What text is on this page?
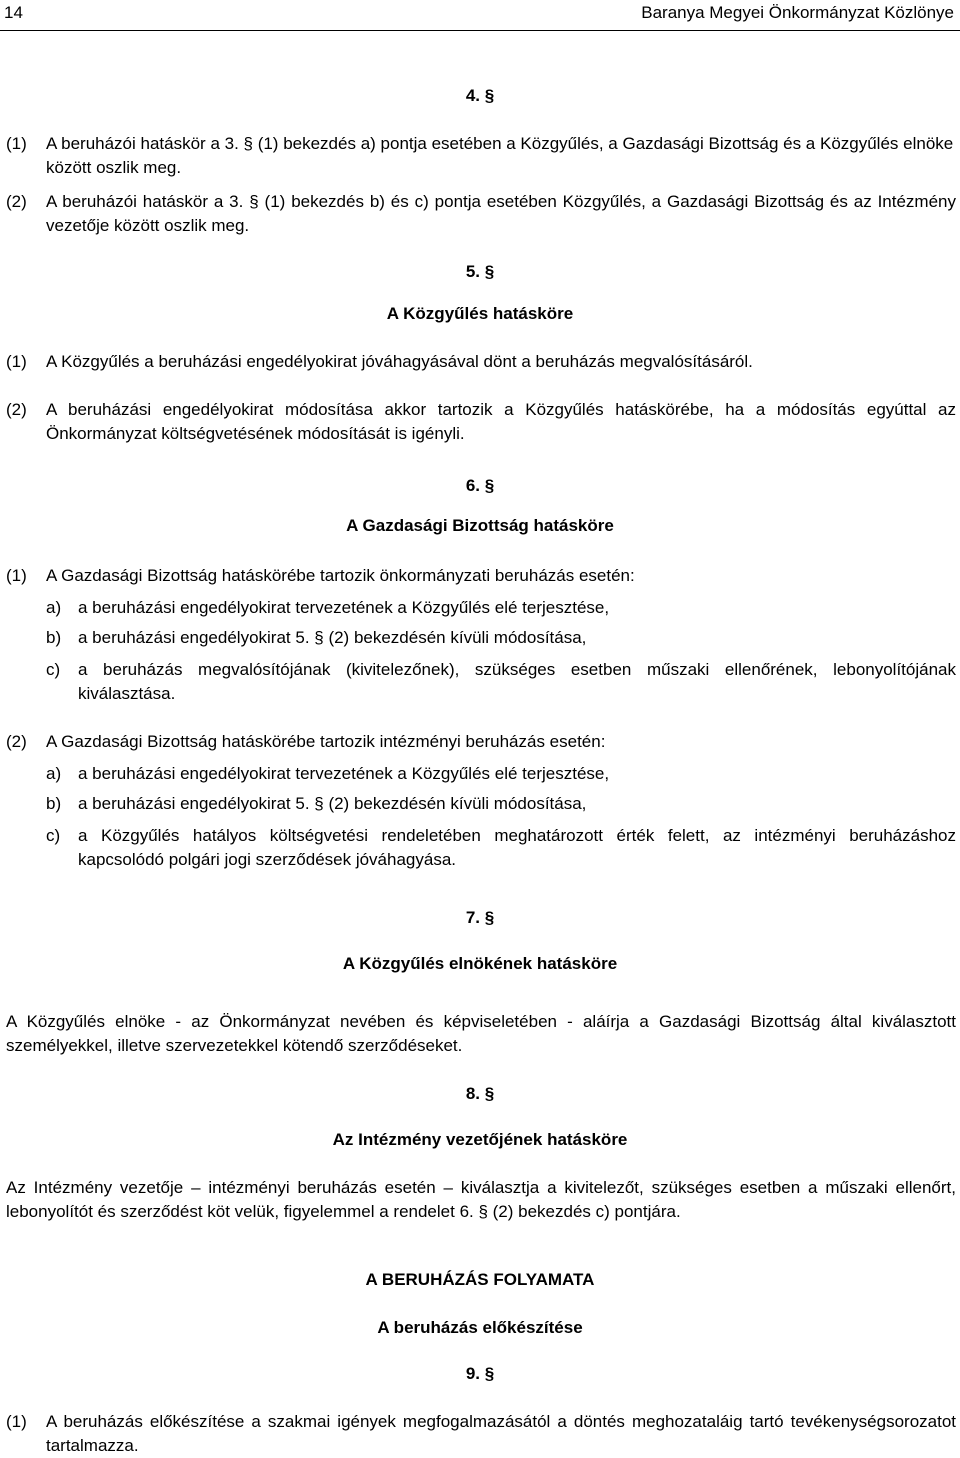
14	Baranya Megyei Önkormányzat Közlönye
4. §
(1) A beruházói hatáskör a 3. § (1) bekezdés a) pontja esetében a Közgyűlés, a Gazdasági Bizottság és a Közgyűlés elnöke között oszlik meg.
(2) A beruházói hatáskör a 3. § (1) bekezdés b) és c) pontja esetében Közgyűlés, a Gazdasági Bizottság és az Intézmény vezetője között oszlik meg.
5. §
A Közgyűlés hatásköre
(1) A Közgyűlés a beruházási engedélyokirat jóváhagyásával dönt a beruházás megvalósításáról.
(2) A beruházási engedélyokirat módosítása akkor tartozik a Közgyűlés hatáskörébe, ha a módosítás egyúttal az Önkormányzat költségvetésének módosítását is igényli.
6. §
A Gazdasági Bizottság hatásköre
(1) A Gazdasági Bizottság hatáskörébe tartozik önkormányzati beruházás esetén:
a) a beruházási engedélyokirat tervezetének a Közgyűlés elé terjesztése,
b) a beruházási engedélyokirat 5. § (2) bekezdésén kívüli módosítása,
c)	a beruházás megvalósítójának (kivitelezőnek), szükséges esetben műszaki ellenőrének, lebonyolítójának kiválasztása.
(2) A Gazdasági Bizottság hatáskörébe tartozik intézményi beruházás esetén:
a) a beruházási engedélyokirat tervezetének a Közgyűlés elé terjesztése,
b) a beruházási engedélyokirat 5. § (2) bekezdésén kívüli módosítása,
c)	a Közgyűlés hatályos költségvetési rendeletében meghatározott érték felett, az intézményi beruházáshoz kapcsolódó polgári jogi szerződések jóváhagyása.
7. §
A Közgyűlés elnökének hatásköre
A Közgyűlés elnöke - az Önkormányzat nevében és képviseletében - aláírja a Gazdasági Bizottság által kiválasztott személyekkel, illetve szervezetekkel kötendő szerződéseket.
8. §
Az Intézmény vezetőjének hatásköre
Az Intézmény vezetője – intézményi beruházás esetén – kiválasztja a kivitelezőt, szükséges esetben a műszaki ellenőrt, lebonyolítót és szerződést köt velük, figyelemmel a rendelet 6. § (2) bekezdés c) pontjára.
A BERUHÁZÁS FOLYAMATA
A beruházás előkészítése
9. §
(1) A beruházás előkészítése a szakmai igények megfogalmazásától a döntés meghozataláig tartó tevékenységsorozatot tartalmazza.
